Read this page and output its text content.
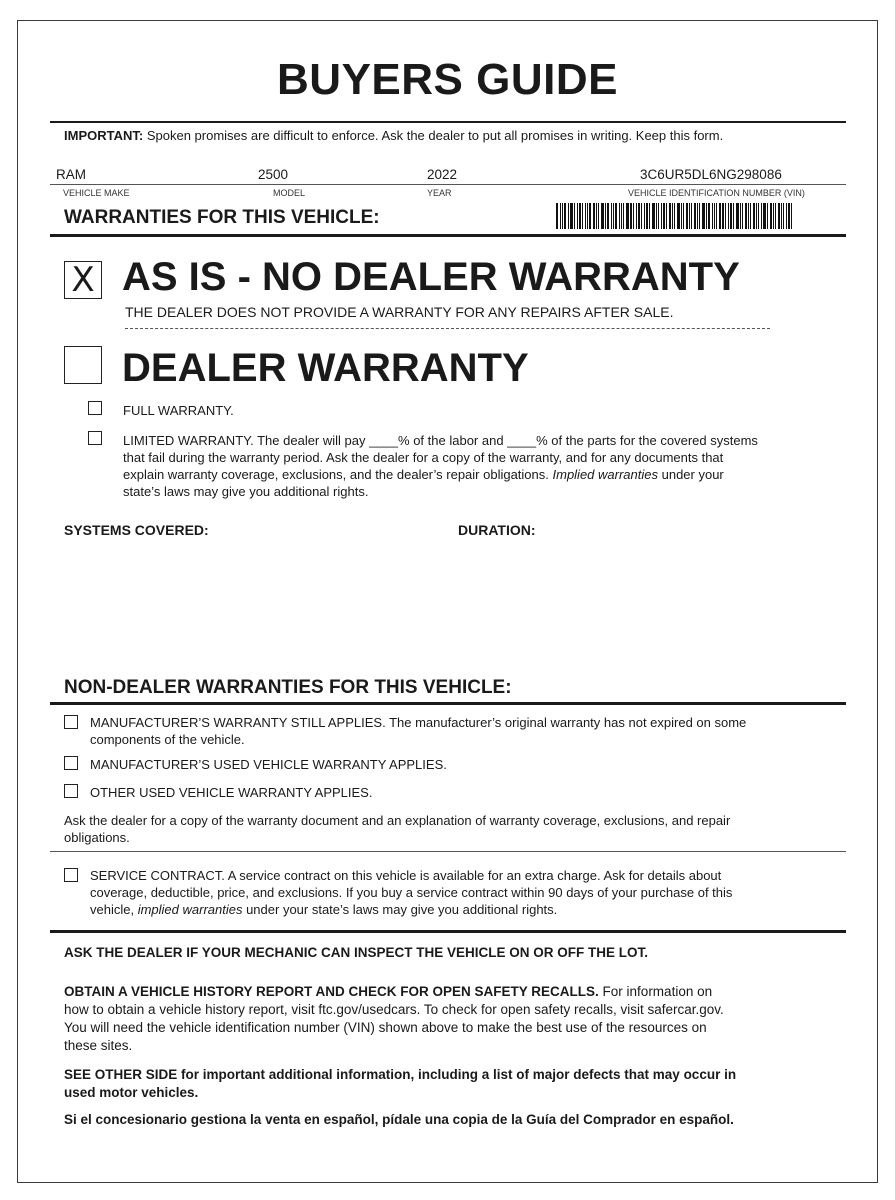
BUYERS GUIDE
IMPORTANT: Spoken promises are difficult to enforce. Ask the dealer to put all promises in writing. Keep this form.
RAM	2500	2022	3C6UR5DL6NG298086
VEHICLE MAKE	MODEL	YEAR	VEHICLE IDENTIFICATION NUMBER (VIN)
WARRANTIES FOR THIS VEHICLE:
X AS IS - NO DEALER WARRANTY
THE DEALER DOES NOT PROVIDE A WARRANTY FOR ANY REPAIRS AFTER SALE.
DEALER WARRANTY
FULL WARRANTY.
LIMITED WARRANTY. The dealer will pay ____% of the labor and ____% of the parts for the covered systems
that fail during the warranty period. Ask the dealer for a copy of the warranty, and for any documents that
explain warranty coverage, exclusions, and the dealer’s repair obligations. Implied warranties under your
state’s laws may give you additional rights.
SYSTEMS COVERED:	DURATION:
NON-DEALER WARRANTIES FOR THIS VEHICLE:
MANUFACTURER’S WARRANTY STILL APPLIES. The manufacturer’s original warranty has not expired on some
components of the vehicle.
MANUFACTURER’S USED VEHICLE WARRANTY APPLIES.
OTHER USED VEHICLE WARRANTY APPLIES.
Ask the dealer for a copy of the warranty document and an explanation of warranty coverage, exclusions, and repair
obligations.
SERVICE CONTRACT. A service contract on this vehicle is available for an extra charge. Ask for details about
coverage, deductible, price, and exclusions. If you buy a service contract within 90 days of your purchase of this
vehicle, implied warranties under your state’s laws may give you additional rights.
ASK THE DEALER IF YOUR MECHANIC CAN INSPECT THE VEHICLE ON OR OFF THE LOT.
OBTAIN A VEHICLE HISTORY REPORT AND CHECK FOR OPEN SAFETY RECALLS. For information on
how to obtain a vehicle history report, visit ftc.gov/usedcars. To check for open safety recalls, visit safercar.gov.
You will need the vehicle identification number (VIN) shown above to make the best use of the resources on
these sites.
SEE OTHER SIDE for important additional information, including a list of major defects that may occur in
used motor vehicles.
Si el concesionario gestiona la venta en español, pídale una copia de la Guía del Comprador en español.
